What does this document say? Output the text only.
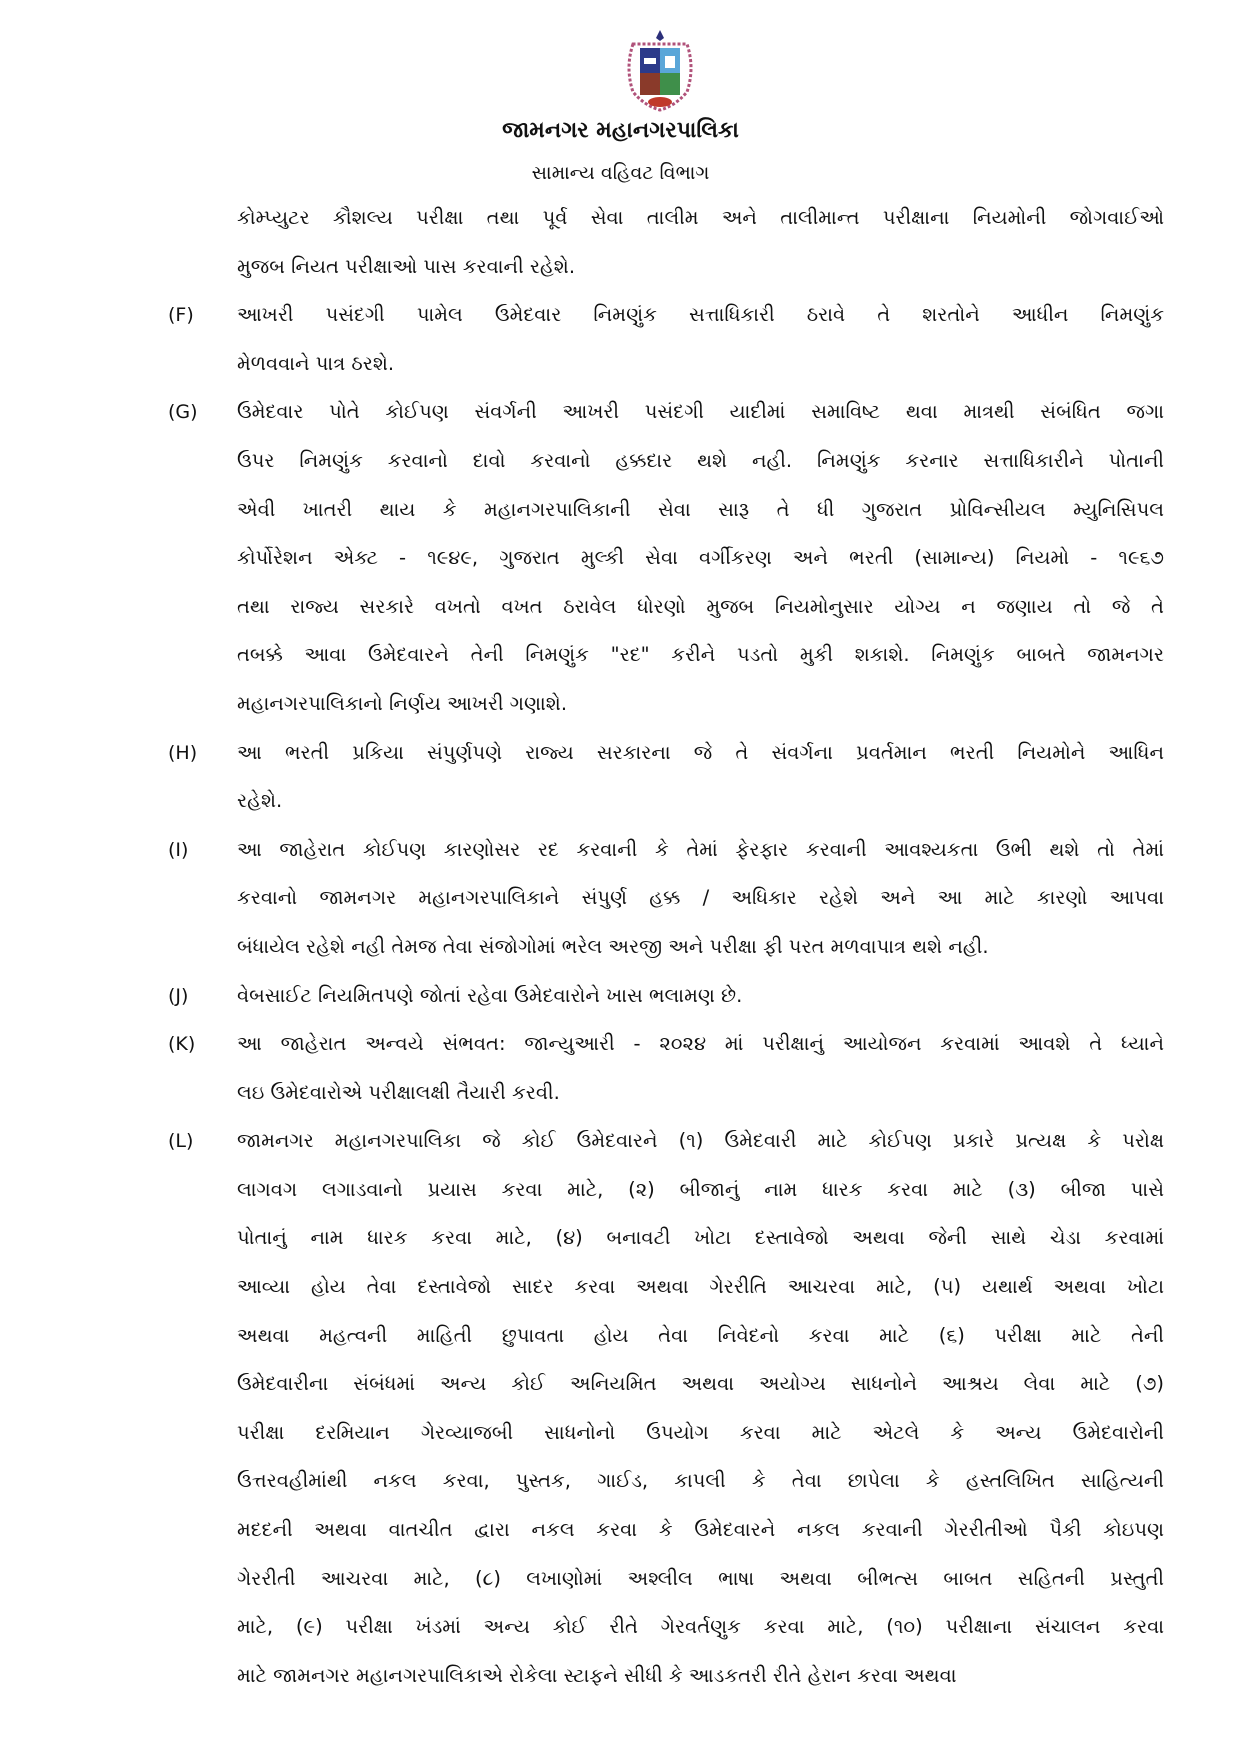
જામનગર મહાનગરપાલિકા
સામાન્ય વહિવટ વિભાગ
કોમ્પ્યુટર કૌશલ્ય પરીક્ષા તથા પૂર્વ સેવા તાલીમ અને તાલીમાન્ત પરીક્ષાના નિયમોની જોગવાઈઓ
મુજબ નિયત પરીક્ષાઓ પાસ કરવાની રહેશે.
(F)	આખરી પસંદગી પામેલ ઉમેદવાર નિમણુંક સત્તાધિકારી ઠરાવે તે શરતોને આધીન નિમણુંક
મેળવવાને પાત્ર ઠરશે.
(G)	ઉમેદવાર પોતે કોઈપણ સંવર્ગની આખરી પસંદગી યાદીમાં સમાવિષ્ટ થવા માત્રથી સંબંધિત જગા
ઉપર નિમણુંક કરવાનો દાવો કરવાનો હક્કદાર થશે નહી. નિમણુંક કરનાર સત્તાધિકારીને પોતાની
એવી ખાતરી થાય કે મહાનગરપાલિકાની સેવા સારૂ તે ધી ગુજરાત પ્રોવિન્સીયલ મ્યુનિસિપલ
કોર્પોરેશન એક્ટ - ૧૯૪૯, ગુજરાત મુલ્કી સેવા વર્ગીકરણ અને ભરતી (સામાન્ય) નિયમો - ૧૯૬૭
તથા રાજ્ય સરકારે વખતો વખત ઠરાવેલ ધોરણો મુજબ નિયમોનુસાર યોગ્ય ન જણાય તો જે તે
તબક્કે આવા ઉમેદવારને તેની નિમણુંક "રદ" કરીને પડતો મુકી શકાશે. નિમણુંક બાબતે જામનગર
મહાનગરપાલિકાનો નિર્ણય આખરી ગણાશે.
(H)	આ ભરતી પ્રકિયા સંપુર્ણપણે રાજ્ય સરકારના જે તે સંવર્ગના પ્રવર્તમાન ભરતી નિયમોને આધિન
રહેશે.
(I)	આ જાહેરાત કોઈપણ કારણોસર રદ કરવાની કે તેમાં ફેરફાર કરવાની આવશ્યકતા ઉભી થશે તો તેમાં
કરવાનો જામનગર મહાનગરપાલિકાને સંપુર્ણ હક્ક / અધિકાર રહેશે અને આ માટે કારણો આપવા
બંધાયેલ રહેશે નહી તેમજ તેવા સંજોગોમાં ભરેલ અરજી અને પરીક્ષા ફી પરત મળવાપાત્ર થશે નહી.
(J)	વેબસાઈટ નિયમિતપણે જોતાં રહેવા ઉમેદવારોને ખાસ ભલામણ છે.
(K)	આ જાહેરાત અન્વયે સંભવત: જાન્યુઆરી - ૨૦૨૪ માં પરીક્ષાનું આયોજન કરવામાં આવશે તે ધ્યાને
લઇ ઉમેદવારોએ પરીક્ષાલક્ષી તૈયારી કરવી.
(L)	જામનગર મહાનગરપાલિકા જે કોઈ ઉમેદવારને (૧) ઉમેદવારી માટે કોઈપણ પ્રકારે પ્રત્યક્ષ કે પરોક્ષ
લાગવગ લગાડવાનો પ્રયાસ કરવા માટે, (૨) બીજાનું નામ ધારક કરવા માટે (૩) બીજા પાસે
પોતાનું નામ ધારક કરવા માટે, (૪) બનાવટી ખોટા દસ્તાવેજો અથવા જેની સાથે ચેડા કરવામાં
આવ્યા હોય તેવા દસ્તાવેજો સાદર કરવા અથવા ગેરરીતિ આચરવા માટે, (૫) યથાર્થ અથવા ખોટા
અથવા મહત્વની માહિતી છુપાવતા હોય તેવા નિવેદનો કરવા માટે (૬) પરીક્ષા માટે તેની
ઉમેદવારીના સંબંધમાં અન્ય કોઈ અનિયમિત અથવા અયોગ્ય સાધનોને આશ્રય લેવા માટે (૭)
પરીક્ષા દરમિયાન ગેરવ્યાજબી સાધનોનો ઉપયોગ કરવા માટે એટલે કે અન્ય ઉમેદવારોની
ઉત્તરવહીમાંથી નકલ કરવા, પુસ્તક, ગાઈડ, કાપલી કે તેવા છાપેલા કે હસ્તલિખિત સાહિત્યની
મદદની અથવા વાતચીત દ્વારા નકલ કરવા કે ઉમેદવારને નકલ કરવાની ગેરરીતીઓ પૈકી કોઇપણ
ગેરરીતી આચરવા માટે, (૮) લખાણોમાં અશ્લીલ ભાષા અથવા બીભત્સ બાબત સહિતની પ્રસ્તુતી
માટે, (૯) પરીક્ષા ખંડમાં અન્ય કોઈ રીતે ગેરવર્તણુક કરવા માટે, (૧૦) પરીક્ષાના સંચાલન કરવા
માટે જામનગર મહાનગરપાલિકાએ રોકેલા સ્ટાફને સીધી કે આડકતરી રીતે હેરાન કરવા અથવા
